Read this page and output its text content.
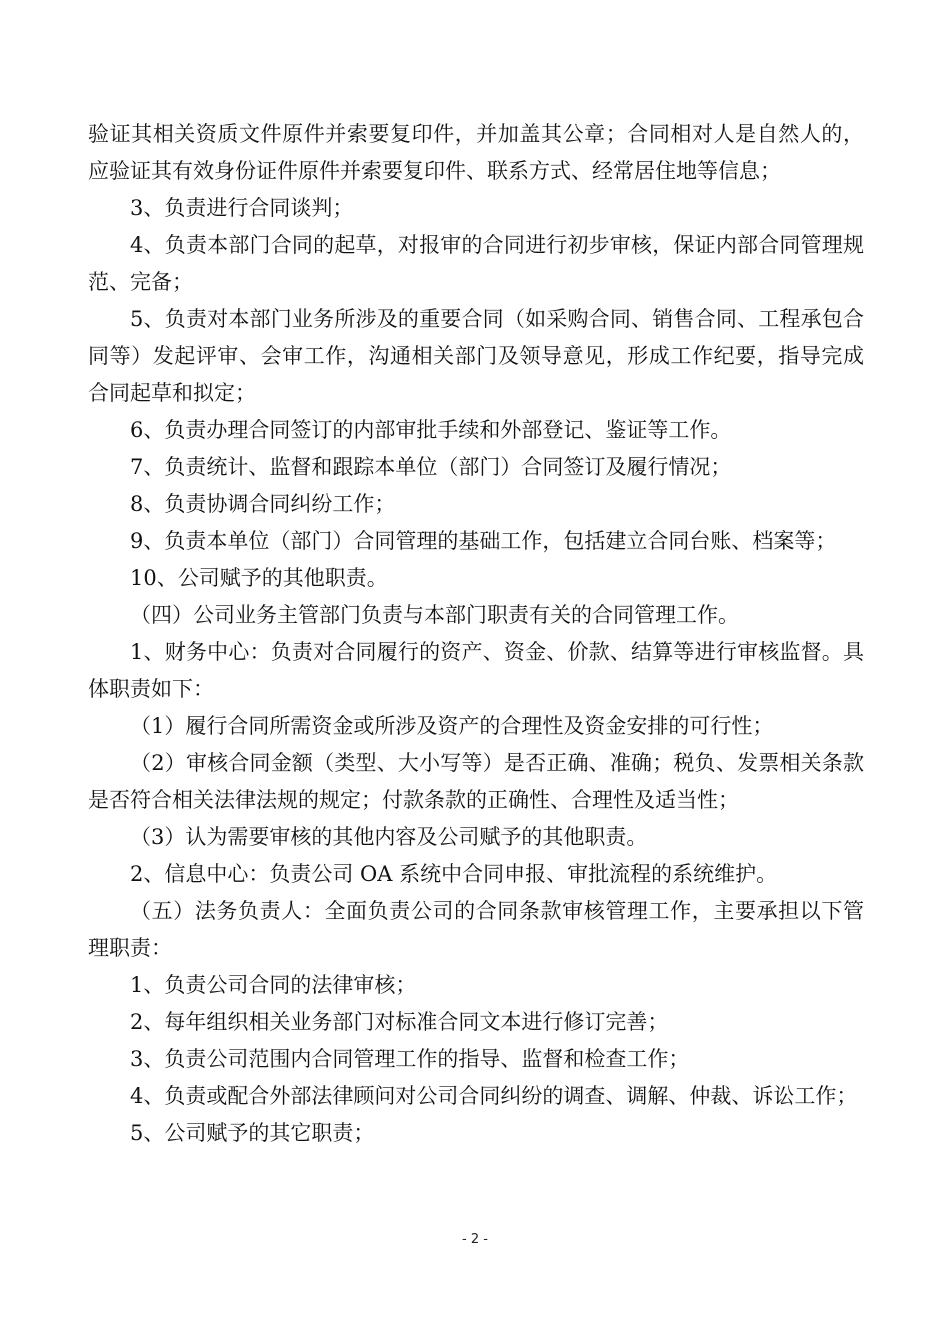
验证其相关资质文件原件并索要复印件，并加盖其公章；合同相对人是自然人的，应验证其有效身份证件原件并索要复印件、联系方式、经常居住地等信息；

3、负责进行合同谈判；

4、负责本部门合同的起草，对报审的合同进行初步审核，保证内部合同管理规范、完备；

5、负责对本部门业务所涉及的重要合同（如采购合同、销售合同、工程承包合同等）发起评审、会审工作，沟通相关部门及领导意见，形成工作纪要，指导完成合同起草和拟定；

6、负责办理合同签订的内部审批手续和外部登记、鉴证等工作。

7、负责统计、监督和跟踪本单位（部门）合同签订及履行情况；

8、负责协调合同纠纷工作；

9、负责本单位（部门）合同管理的基础工作，包括建立合同台账、档案等；

10、公司赋予的其他职责。

（四）公司业务主管部门负责与本部门职责有关的合同管理工作。

1、财务中心：负责对合同履行的资产、资金、价款、结算等进行审核监督。具体职责如下：

（1）履行合同所需资金或所涉及资产的合理性及资金安排的可行性；

（2）审核合同金额（类型、大小写等）是否正确、准确；税负、发票相关条款是否符合相关法律法规的规定；付款条款的正确性、合理性及适当性；

（3）认为需要审核的其他内容及公司赋予的其他职责。

2、信息中心：负责公司 OA 系统中合同申报、审批流程的系统维护。

（五）法务负责人：全面负责公司的合同条款审核管理工作，主要承担以下管理职责：

1、负责公司合同的法律审核；

2、每年组织相关业务部门对标准合同文本进行修订完善；

3、负责公司范围内合同管理工作的指导、监督和检查工作；

4、负责或配合外部法律顾问对公司合同纠纷的调查、调解、仲裁、诉讼工作；

5、公司赋予的其它职责；

- 2 -
